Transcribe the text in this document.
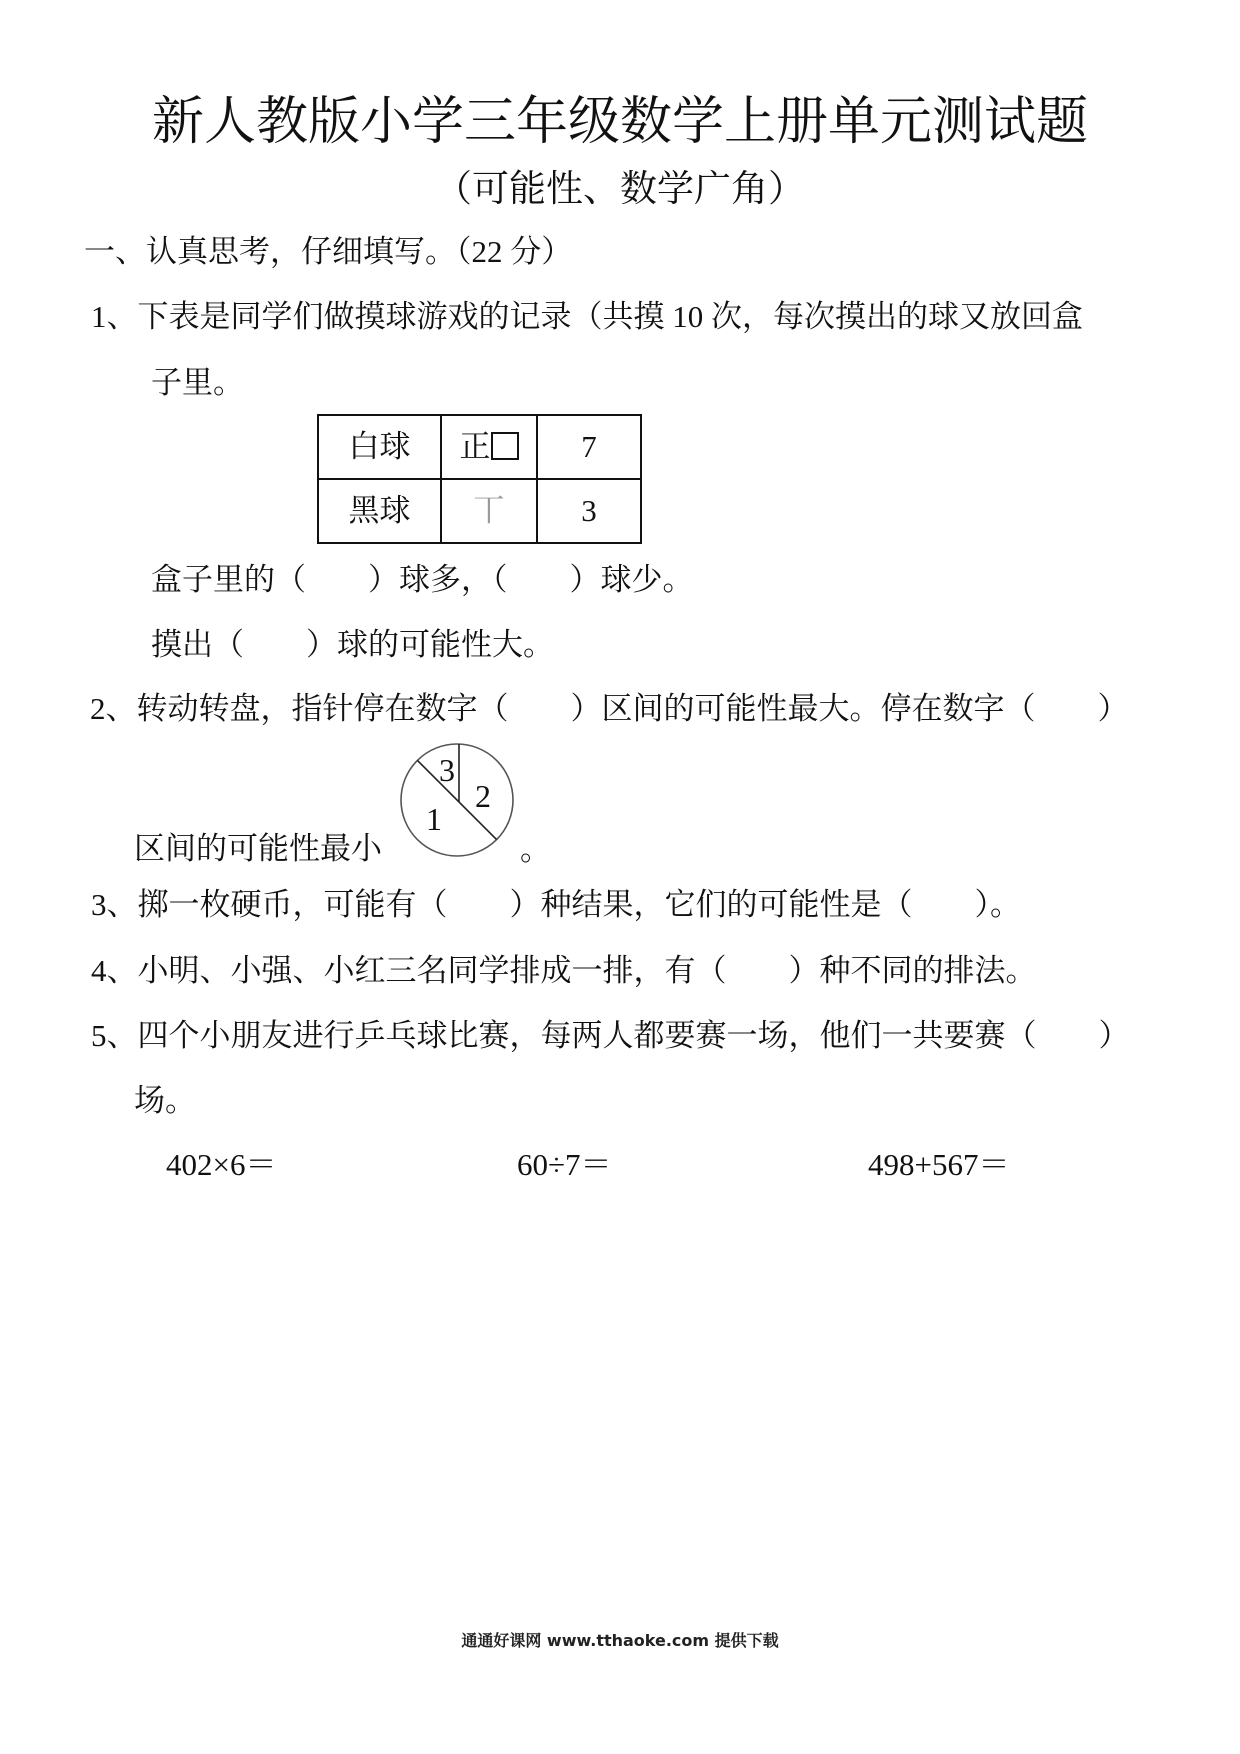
新人教版小学三年级数学上册单元测试题
（可能性、数学广角）
一、认真思考，仔细填写。（22 分）
1、下表是同学们做摸球游戏的记录（共摸 10 次，每次摸出的球又放回盒
子里。
白球	正	7
黑球	丅	3
盒子里的（　　）球多，（　　）球少。
摸出（　　）球的可能性大。
2、转动转盘，指针停在数字（　　）区间的可能性最大。停在数字（　　）
区间的可能性最小
3
2
1
。
3、掷一枚硬币，可能有（　　）种结果，它们的可能性是（　　）。
4、小明、小强、小红三名同学排成一排，有（　　）种不同的排法。
5、四个小朋友进行乒乓球比赛，每两人都要赛一场，他们一共要赛（　　）
场。
402×6＝	60÷7＝	498+567＝
通通好课网 www.tthaoke.com 提供下载
